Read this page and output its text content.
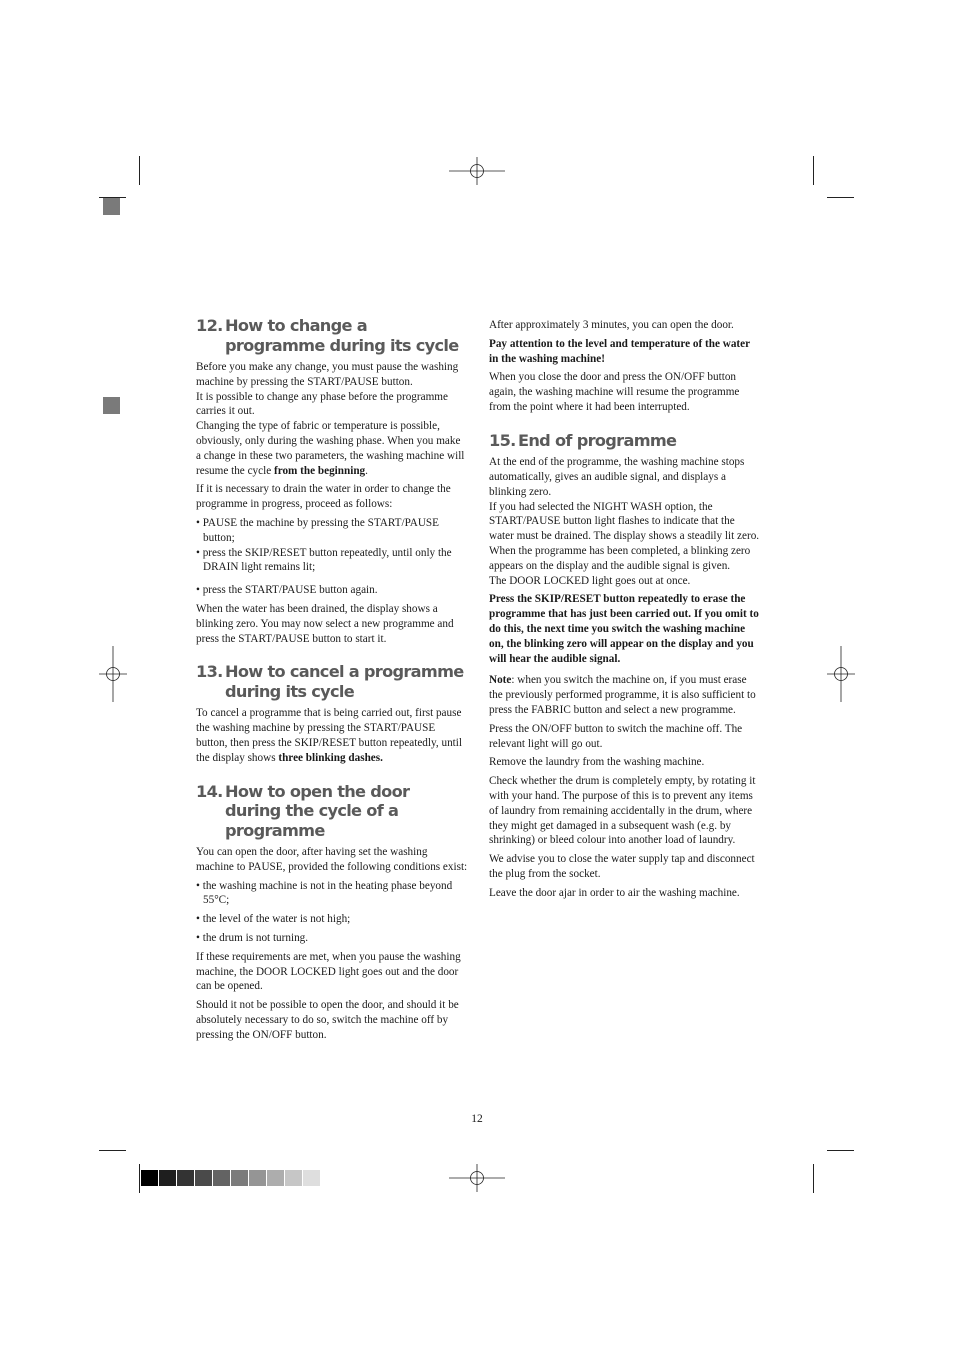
12. How to change a programme during its cycle

Before you make any change, you must pause the washing machine by pressing the START/PAUSE button.

It is possible to change any phase before the programme carries it out.

Changing the type of fabric or temperature is possible, obviously, only during the washing phase. When you make a change in these two parameters, the washing machine will resume the cycle from the beginning.

If it is necessary to drain the water in order to change the programme in progress, proceed as follows:

• PAUSE the machine by pressing the START/PAUSE button;

• press the SKIP/RESET button repeatedly, until only the DRAIN light remains lit;

• press the START/PAUSE button again.

When the water has been drained, the display shows a blinking zero. You may now select a new programme and press the START/PAUSE button to start it.

13. How to cancel a programme during its cycle

To cancel a programme that is being carried out, first pause the washing machine by pressing the START/PAUSE button, then press the SKIP/RESET button repeatedly, until the display shows three blinking dashes.

14. How to open the door during the cycle of a programme

You can open the door, after having set the washing machine to PAUSE, provided the following conditions exist:

• the washing machine is not in the heating phase beyond 55°C;

• the level of the water is not high;

• the drum is not turning.

If these requirements are met, when you pause the washing machine, the DOOR LOCKED light goes out and the door can be opened.

Should it not be possible to open the door, and should it be absolutely necessary to do so, switch the machine off by pressing the ON/OFF button.

After approximately 3 minutes, you can open the door.

Pay attention to the level and temperature of the water in the washing machine!

When you close the door and press the ON/OFF button again, the washing machine will resume the programme from the point where it had been interrupted.

15. End of programme

At the end of the programme, the washing machine stops automatically, gives an audible signal, and displays a blinking zero.

If you had selected the NIGHT WASH option, the START/PAUSE button light flashes to indicate that the water must be drained. The display shows a steadily lit zero.

When the programme has been completed, a blinking zero appears on the display and the audible signal is given.

The DOOR LOCKED light goes out at once.

Press the SKIP/RESET button repeatedly to erase the programme that has just been carried out. If you omit to do this, the next time you switch the washing machine on, the blinking zero will appear on the display and you will hear the audible signal.

Note: when you switch the machine on, if you must erase the previously performed programme, it is also sufficient to press the FABRIC button and select a new programme.

Press the ON/OFF button to switch the machine off. The relevant light will go out.

Remove the laundry from the washing machine.

Check whether the drum is completely empty, by rotating it with your hand. The purpose of this is to prevent any items of laundry from remaining accidentally in the drum, where they might get damaged in a subsequent wash (e.g. by shrinking) or bleed colour into another load of laundry.

We advise you to close the water supply tap and disconnect the plug from the socket.

Leave the door ajar in order to air the washing machine.

12
